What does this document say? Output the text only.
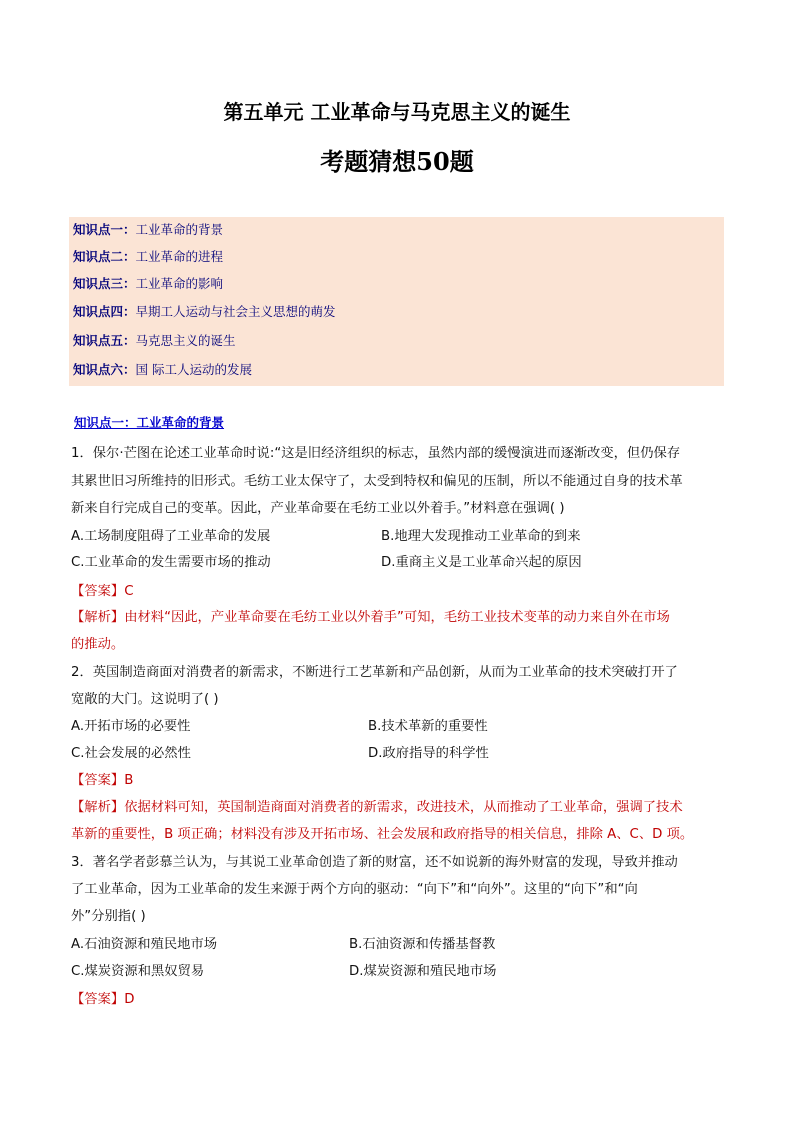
第五单元 工业革命与马克思主义的诞生
考题猜想50题
知识点一：工业革命的背景
知识点二：工业革命的进程
知识点三：工业革命的影响
知识点四：早期工人运动与社会主义思想的萌发
知识点五：马克思主义的诞生
知识点六：国 际工人运动的发展
知识点一：工业革命的背景
1．保尔·芒图在论述工业革命时说:“这是旧经济组织的标志，虽然内部的缓慢演进而逐渐改变，但仍保存
其累世旧习所维持的旧形式。毛纺工业太保守了，太受到特权和偏见的压制，所以不能通过自身的技术革
新来自行完成自己的变革。因此，产业革命要在毛纺工业以外着手。”材料意在强调( )
A.工场制度阻碍了工业革命的发展	B.地理大发现推动工业革命的到来
C.工业革命的发生需要市场的推动	D.重商主义是工业革命兴起的原因
【答案】C
【解析】由材料“因此，产业革命要在毛纺工业以外着手”可知，毛纺工业技术变革的动力来自外在市场
的推动。
2．英国制造商面对消费者的新需求，不断进行工艺革新和产品创新，从而为工业革命的技术突破打开了
宽敞的大门。这说明了( )
A.开拓市场的必要性	B.技术革新的重要性
C.社会发展的必然性	D.政府指导的科学性
【答案】B
【解析】依据材料可知，英国制造商面对消费者的新需求，改进技术，从而推动了工业革命，强调了技术
革新的重要性，B 项正确；材料没有涉及开拓市场、社会发展和政府指导的相关信息，排除 A、C、D 项。
3．著名学者彭慕兰认为，与其说工业革命创造了新的财富，还不如说新的海外财富的发现，导致并推动
了工业革命，因为工业革命的发生来源于两个方向的驱动：“向下”和“向外”。这里的“向下”和“向
外”分别指( )
A.石油资源和殖民地市场	B.石油资源和传播基督教
C.煤炭资源和黑奴贸易	D.煤炭资源和殖民地市场
【答案】D
